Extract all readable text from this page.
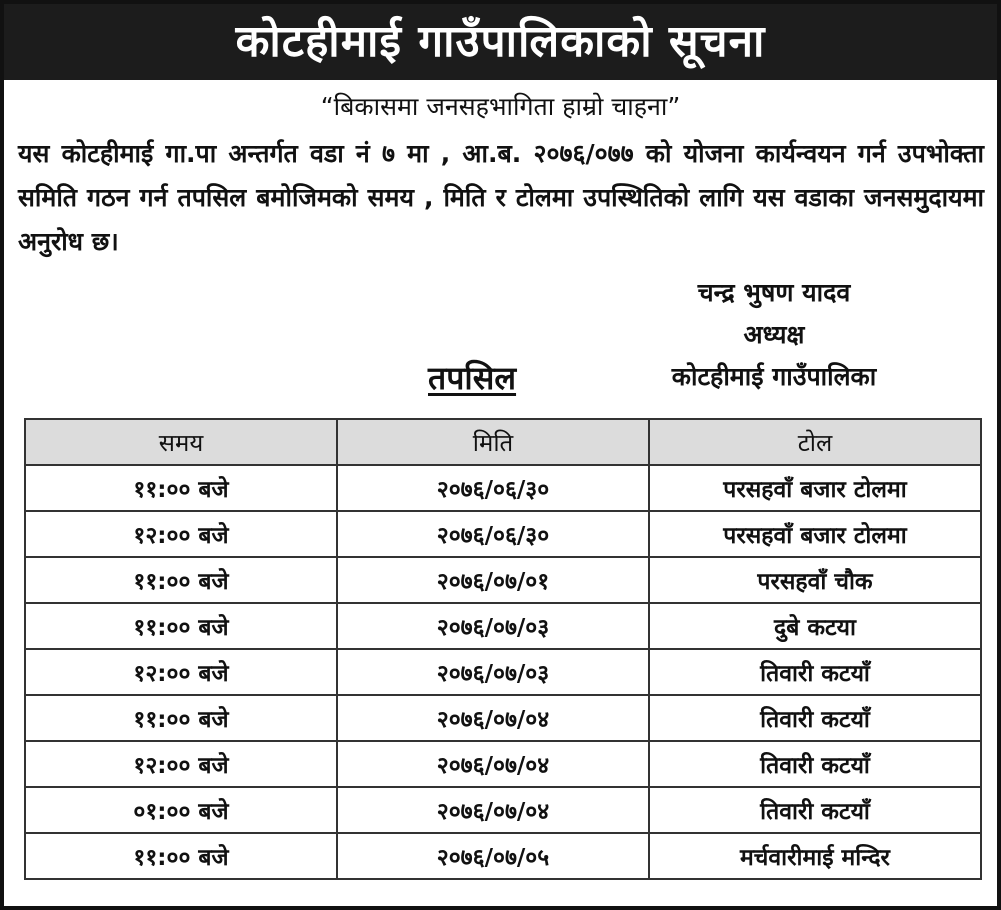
कोटहीमाई गाउँपालिकाको सूचना
“बिकासमा जनसहभागिता हाम्रो चाहना”
यस कोटहीमाई गा.पा अन्तर्गत वडा नं ७ मा , आ.ब. २०७६/०७७ को योजना कार्यन्वयन गर्न उपभोक्ता समिति गठन गर्न तपसिल बमोजिमको समय , मिति र टोलमा उपस्थितिको लागि यस वडाका जनसमुदायमा अनुरोध छ।
चन्द्र भुषण यादव
अध्यक्ष
कोटहीमाई गाउँपालिका
तपसिल
समय	मिति	टोल
११:०० बजे	२०७६/०६/३०	परसहवाँ बजार टोलमा
१२:०० बजे	२०७६/०६/३०	परसहवाँ बजार टोलमा
११:०० बजे	२०७६/०७/०१	परसहवाँ चौक
११:०० बजे	२०७६/०७/०३	दुबे कटया
१२:०० बजे	२०७६/०७/०३	तिवारी कटयाँ
११:०० बजे	२०७६/०७/०४	तिवारी कटयाँ
१२:०० बजे	२०७६/०७/०४	तिवारी कटयाँ
०१:०० बजे	२०७६/०७/०४	तिवारी कटयाँ
११:०० बजे	२०७६/०७/०५	मर्चवारीमाई मन्दिर
